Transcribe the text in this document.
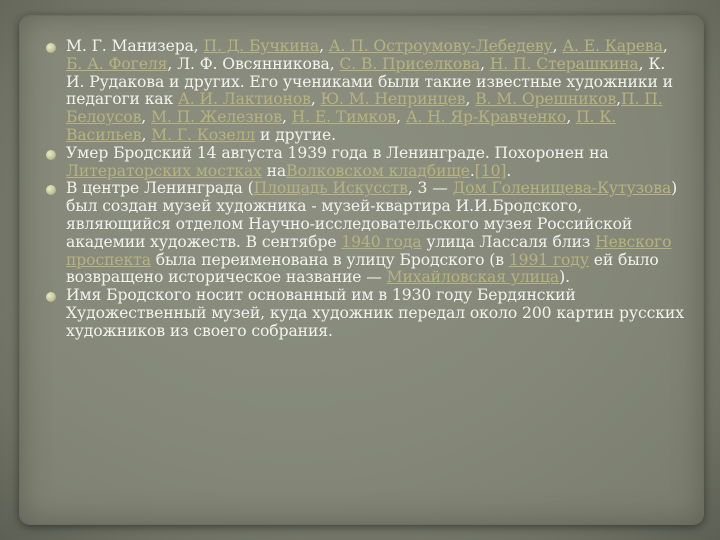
М. Г. Манизера, П. Д. Бучкина, А. П. Остроумову-Лебедеву, А. Е. Карева, Б. А. Фогеля, Л. Ф. Овсянникова, С. В. Приселкова, Н. П. Стерашкина, К. И. Рудакова и других. Его учениками были такие известные художники и педагоги как А. И. Лактионов, Ю. М. Непринцев, В. М. Орешников,П. П. Белоусов, М. П. Железнов, Н. Е. Тимков, А. Н. Яр-Кравченко, П. К. Васильев, М. Г. Козелл и другие.
Умер Бродский 14 августа 1939 года в Ленинграде. Похоронен на Литераторских мостках наВолковском кладбище.[10].
В центре Ленинграда (Площадь Искусств, 3 — Дом Голенищева-Кутузова) был создан музей художника - музей-квартира И.И.Бродского, являющийся отделом Научно-исследовательского музея Российской академии художеств. В сентябре 1940 года улица Лассаля близ Невского проспекта была переименована в улицу Бродского (в 1991 году ей было возвращено историческое название — Михайловская улица).
Имя Бродского носит основанный им в 1930 году Бердянский Художественный музей, куда художник передал около 200 картин русских художников из своего собрания.
